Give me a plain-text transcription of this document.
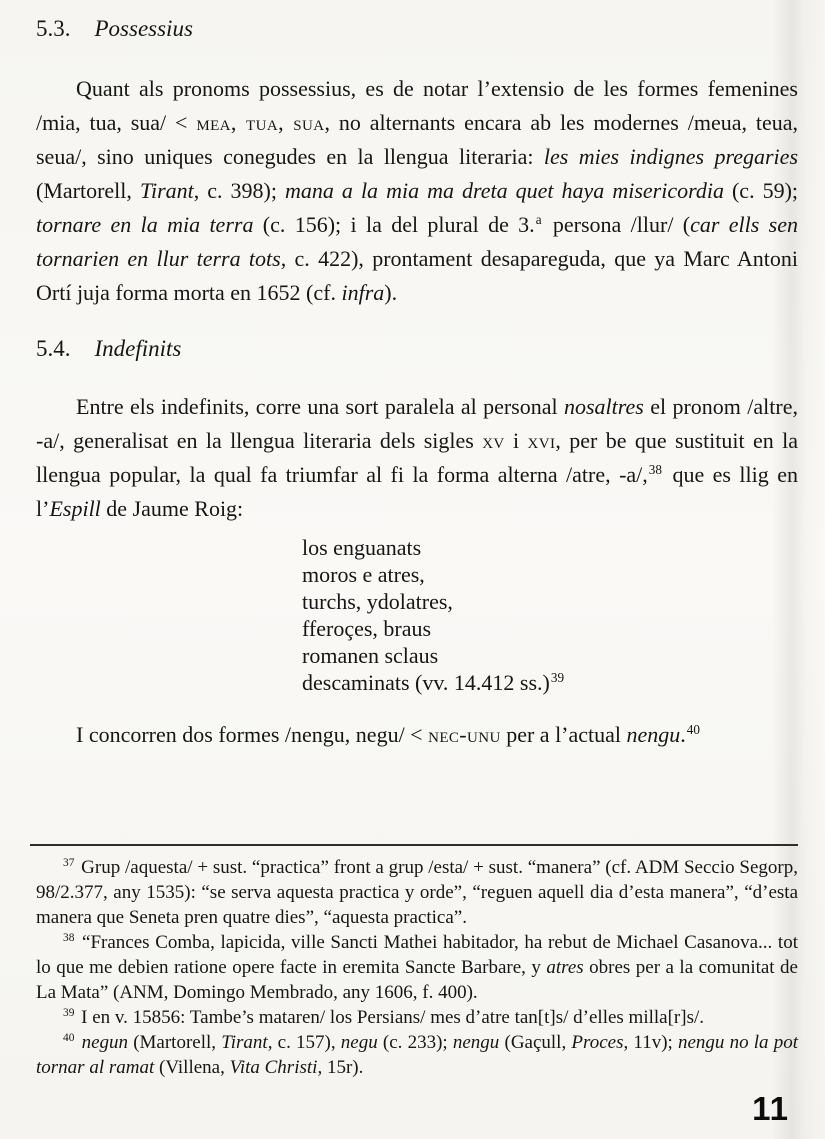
5.3. Possessius

Quant als pronoms possessius, es de notar l’extensio de les formes femenines /mia, tua, sua/ < mea, tua, sua, no alternants encara ab les modernes /meua, teua, seua/, sino uniques conegudes en la llengua literaria: les mies indignes pregaries (Martorell, Tirant, c. 398); mana a la mia ma dreta quet haya misericordia (c. 59); tornare en la mia terra (c. 156); i la del plural de 3.$^a$ persona /llur/ (car ells sen tornarien en llur terra tots, c. 422), prontament desapareguda, que ya Marc Antoni Ortí juja forma morta en 1652 (cf. infra).

5.4. Indefinits

Entre els indefinits, corre una sort paralela al personal nosaltres el pronom /altre, -a/, generalisat en la llengua literaria dels sigles xv i xvi, per be que sustituit en la llengua popular, la qual fa triumfar al fi la forma alterna /atre, -a/,$^{38}$ que es llig en l’Espill de Jaume Roig:

los enguanats
moros e atres,
turchs, ydolatres,
fferoçes, braus
romanen sclaus
descaminats (vv. 14.412 ss.)$^{39}$

I concorren dos formes /nengu, negu/ < nec-unu per a l’actual nengu.$^{40}$

$^{37}$ Grup /aquesta/ + sust. “practica” front a grup /esta/ + sust. “manera” (cf. ADM Seccio Segorp, 98/2.377, any 1535): “se serva aquesta practica y orde”, “reguen aquell dia d’esta manera”, “d’esta manera que Seneta pren quatre dies”, “aquesta practica”.

$^{38}$ “Frances Comba, lapicida, ville Sancti Mathei habitador, ha rebut de Michael Casanova... tot lo que me debien ratione opere facte in eremita Sancte Barbare, y atres obres per a la comunitat de La Mata” (ANM, Domingo Membrado, any 1606, f. 400).

$^{39}$ I en v. 15856: Tambe’s mataren/ los Persians/ mes d’atre tan[t]s/ d’elles milla[r]s/.

$^{40}$ negun (Martorell, Tirant, c. 157), negu (c. 233); nengu (Gaçull, Proces, 11v); nengu no la pot tornar al ramat (Villena, Vita Christi, 15r).

11
